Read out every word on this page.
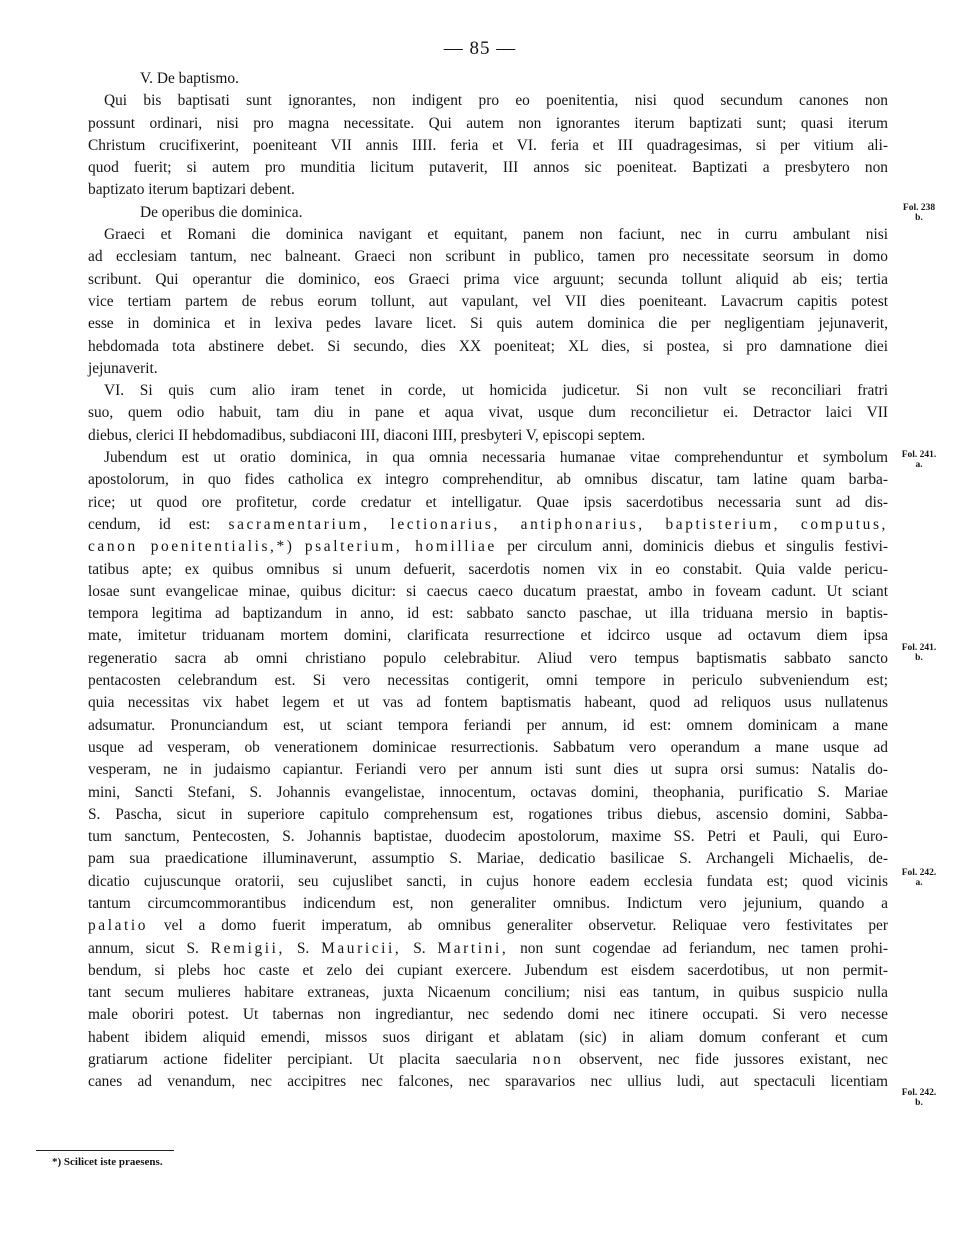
— 85 —
V. De baptismo.

Qui bis baptisati sunt ignorantes, non indigent pro eo poenitentia, nisi quod secundum canones non

possunt ordinari, nisi pro magna necessitate. Qui autem non ignorantes iterum baptizati sunt; quasi iterum

Christum crucifixerint, poeniteant VII annis IIII. feria et VI. feria et III quadragesimas, si per vitium ali-

quod fuerit; si autem pro munditia licitum putaverit, III annos sic poeniteat. Baptizati a presbytero non

baptizato iterum baptizari debent.

De operibus die dominica.

Graeci et Romani die dominica navigant et equitant, panem non faciunt, nec in curru ambulant nisi

ad ecclesiam tantum, nec balneant. Graeci non scribunt in publico, tamen pro necessitate seorsum in domo

scribunt. Qui operantur die dominico, eos Graeci prima vice arguunt; secunda tollunt aliquid ab eis; tertia

vice tertiam partem de rebus eorum tollunt, aut vapulant, vel VII dies poeniteant. Lavacrum capitis potest

esse in dominica et in lexiva pedes lavare licet. Si quis autem dominica die per negligentiam jejunaverit,

hebdomada tota abstinere debet. Si secundo, dies XX poeniteat; XL dies, si postea, si pro damnatione diei

jejunaverit.

VI. Si quis cum alio iram tenet in corde, ut homicida judicetur. Si non vult se reconciliari fratri

suo, quem odio habuit, tam diu in pane et aqua vivat, usque dum reconcilietur ei. Detractor laici VII

diebus, clerici II hebdomadibus, subdiaconi III, diaconi IIII, presbyteri V, episcopi septem.

Jubendum est ut oratio dominica, in qua omnia necessaria humanae vitae comprehenduntur et symbolum

apostolorum, in quo fides catholica ex integro comprehenditur, ab omnibus discatur, tam latine quam barba-

rice; ut quod ore profitetur, corde credatur et intelligatur. Quae ipsis sacerdotibus necessaria sunt ad dis-

cendum, id est: sacramentarium, lectionarius, antiphonarius, baptisterium, computus,

canon poenitentialis,*) psalterium, homilliae per circulum anni, dominicis diebus et singulis festivi-

tatibus apte; ex quibus omnibus si unum defuerit, sacerdotis nomen vix in eo constabit. Quia valde pericu-

losae sunt evangelicae minae, quibus dicitur: si caecus caeco ducatum praestat, ambo in foveam cadunt. Ut sciant

tempora legitima ad baptizandum in anno, id est: sabbato sancto paschae, ut illa triduana mersio in baptis-

mate, imitetur triduanam mortem domini, clarificata resurrectione et idcirco usque ad octavum diem ipsa

regeneratio sacra ab omni christiano populo celebrabitur. Aliud vero tempus baptismatis sabbato sancto

pentacosten celebrandum est. Si vero necessitas contigerit, omni tempore in periculo subveniendum est;

quia necessitas vix habet legem et ut vas ad fontem baptismatis habeant, quod ad reliquos usus nullatenus

adsumatur. Pronunciandum est, ut sciant tempora feriandi per annum, id est: omnem dominicam a mane

usque ad vesperam, ob venerationem dominicae resurrectionis. Sabbatum vero operandum a mane usque ad

vesperam, ne in judaismo capiantur. Feriandi vero per annum isti sunt dies ut supra orsi sumus: Natalis do-

mini, Sancti Stefani, S. Johannis evangelistae, innocentum, octavas domini, theophania, purificatio S. Mariae

S. Pascha, sicut in superiore capitulo comprehensum est, rogationes tribus diebus, ascensio domini, Sabba-

tum sanctum, Pentecosten, S. Johannis baptistae, duodecim apostolorum, maxime SS. Petri et Pauli, qui Euro-

pam sua praedicatione illuminaverunt, assumptio S. Mariae, dedicatio basilicae S. Archangeli Michaelis, de-

dicatio cujuscunque oratorii, seu cujuslibet sancti, in cujus honore eadem ecclesia fundata est; quod vicinis

tantum circumcommorantibus indicendum est, non generaliter omnibus. Indictum vero jejunium, quando a

palatio vel a domo fuerit imperatum, ab omnibus generaliter observetur. Reliquae vero festivitates per

annum, sicut S. Remigii, S. Mauricii, S. Martini, non sunt cogendae ad feriandum, nec tamen prohi-

bendum, si plebs hoc caste et zelo dei cupiant exercere. Jubendum est eisdem sacerdotibus, ut non permit-

tant secum mulieres habitare extraneas, juxta Nicaenum concilium; nisi eas tantum, in quibus suspicio nulla

male oboriri potest. Ut tabernas non ingrediantur, nec sedendo domi nec itinere occupati. Si vero necesse

habent ibidem aliquid emendi, missos suos dirigant et ablatam (sic) in aliam domum conferant et cum

gratiarum actione fideliter percipiant. Ut placita saecularia non observent, nec fide jussores existant, nec

canes ad venandum, nec accipitres nec falcones, nec sparavarios nec ullius ludi, aut spectaculi licentiam

Fol. 238
b.
Fol. 241.
a.
Fol. 241.
b.
Fol. 242.
a.
Fol. 242.
b.
*) Scilicet iste praesens.
